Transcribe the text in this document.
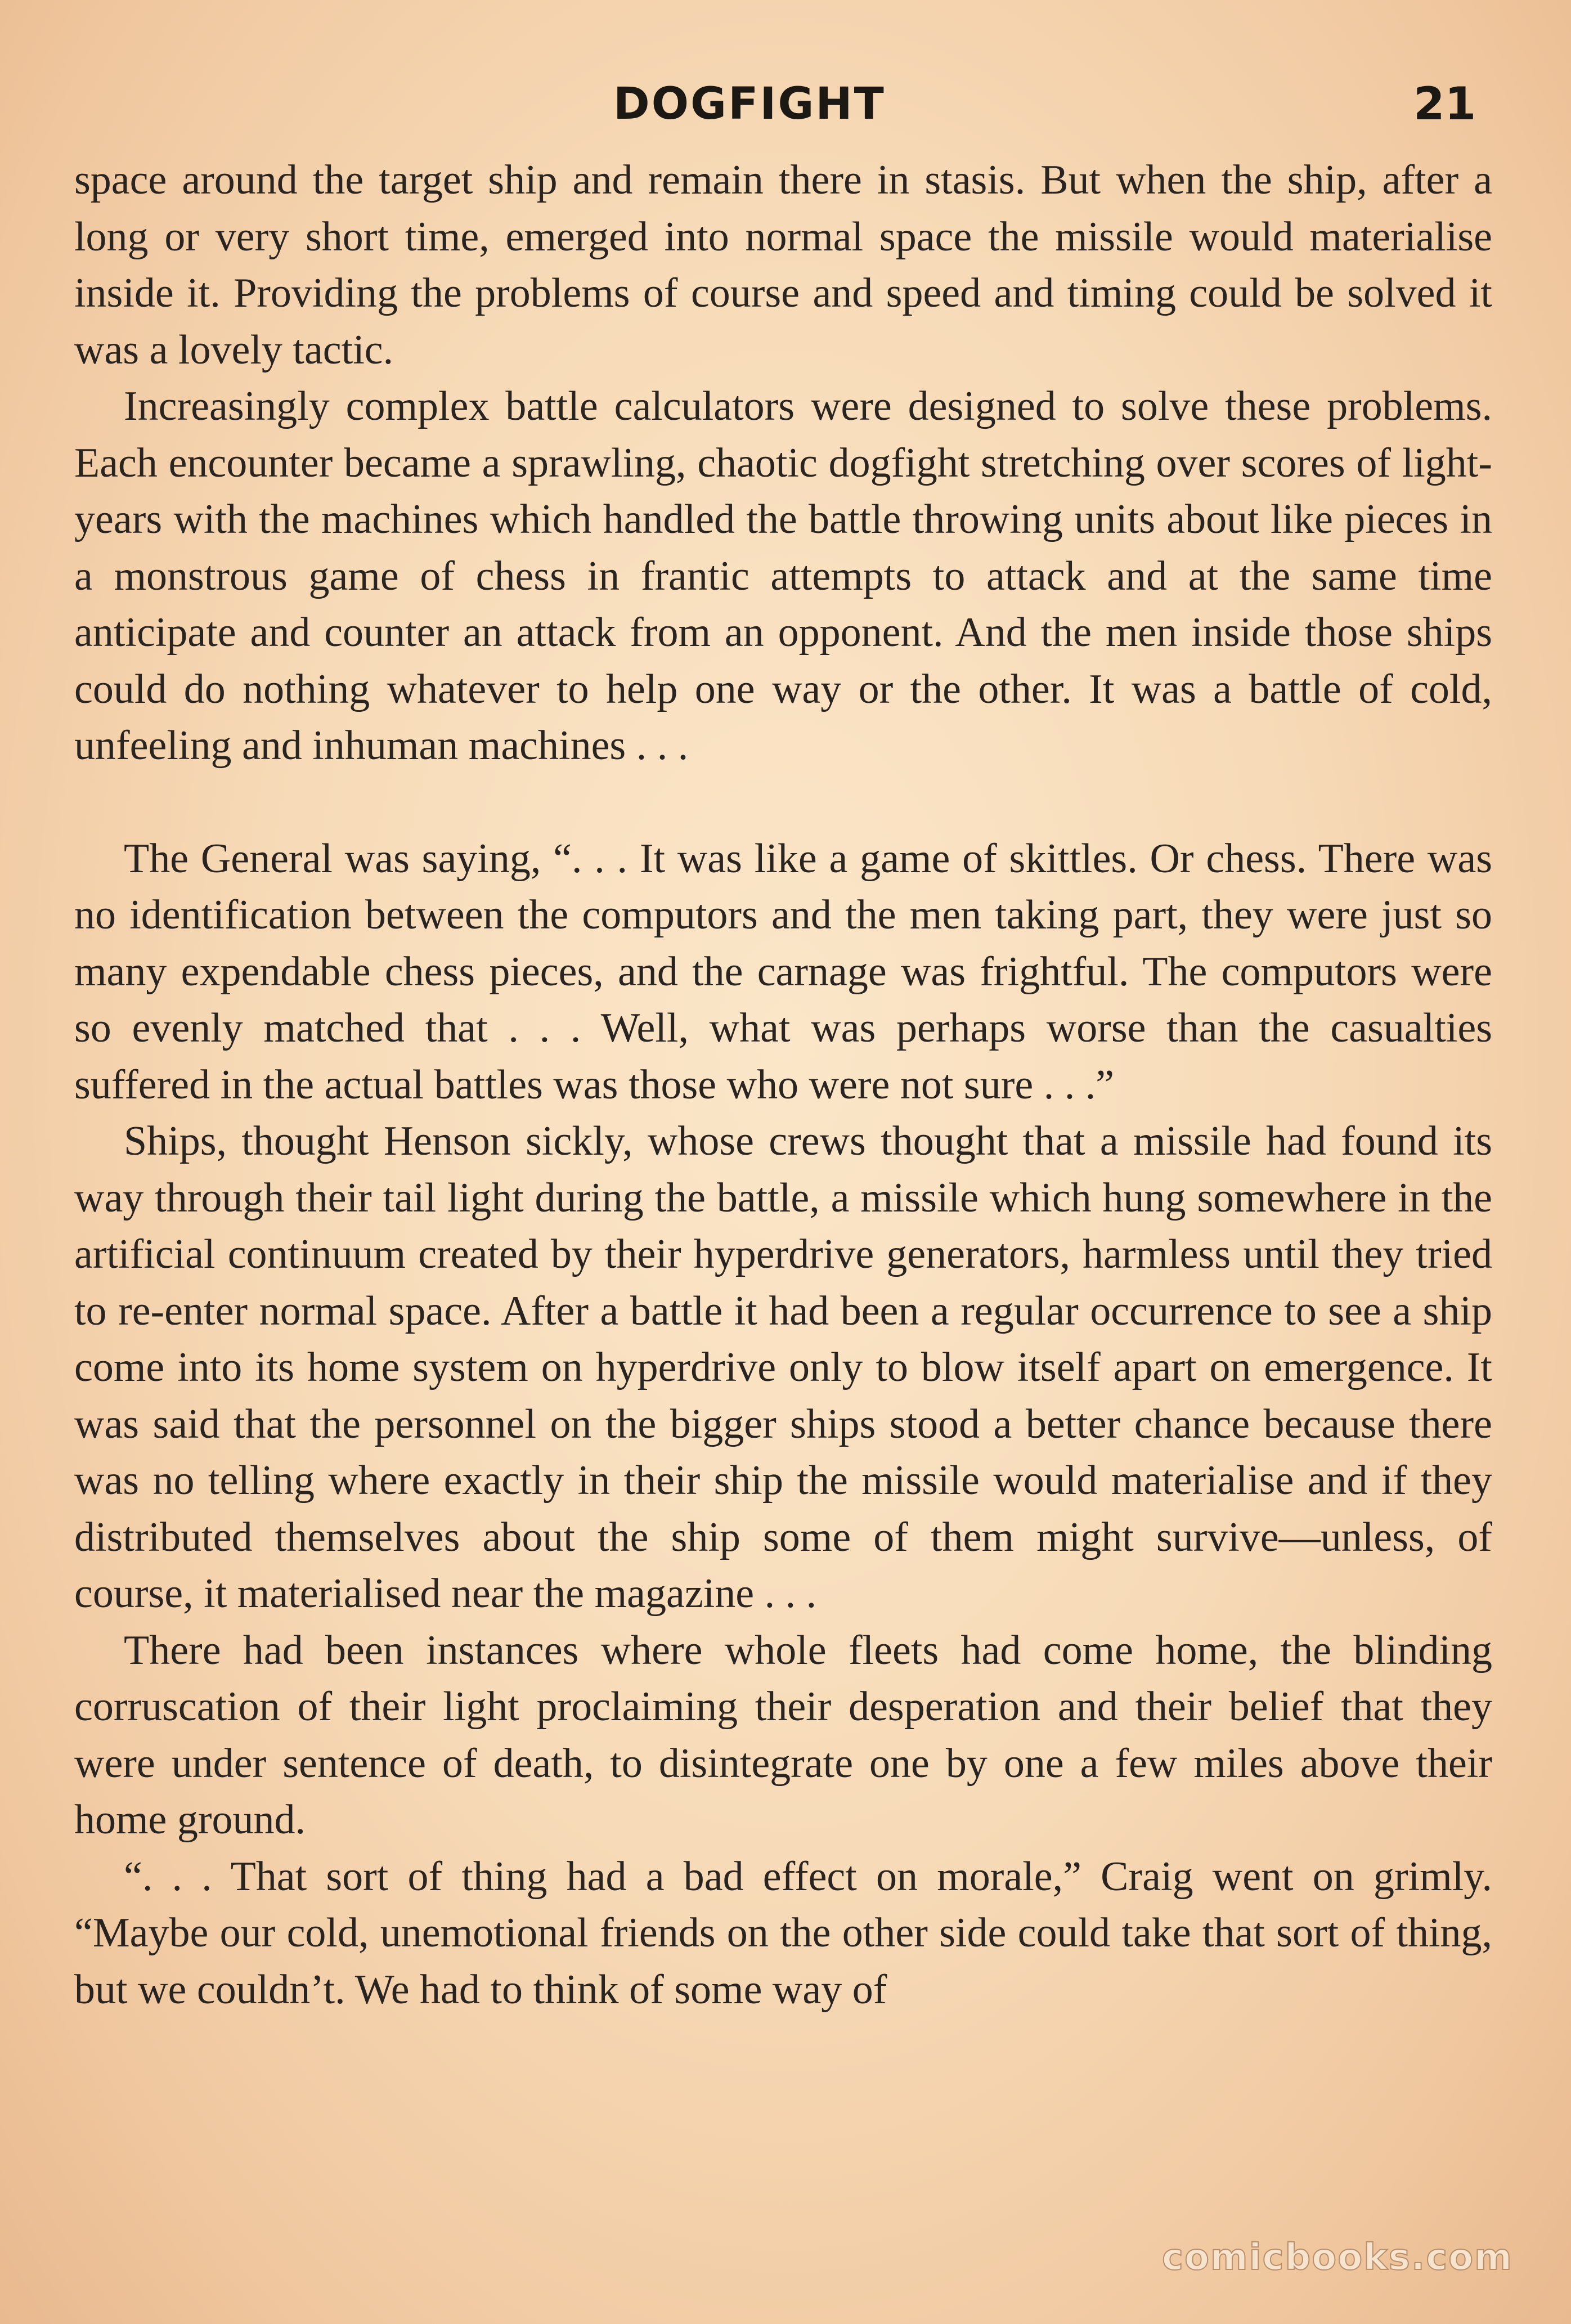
DOGFIGHT	21

space around the target ship and remain there in stasis. But when the ship, after a long or very short time, emerged into normal space the missile would materialise inside it. Providing the problems of course and speed and timing could be solved it was a lovely tactic.

Increasingly complex battle calculators were designed to solve these problems. Each encounter became a sprawling, chaotic dogfight stretching over scores of light-years with the machines which handled the battle throwing units about like pieces in a monstrous game of chess in frantic attempts to attack and at the same time anticipate and counter an attack from an opponent. And the men inside those ships could do nothing whatever to help one way or the other. It was a battle of cold, unfeeling and inhuman machines . . .

The General was saying, “. . . It was like a game of skittles. Or chess. There was no identification between the computors and the men taking part, they were just so many expendable chess pieces, and the carnage was frightful. The computors were so evenly matched that . . . Well, what was perhaps worse than the casualties suffered in the actual battles was those who were not sure . . .”

Ships, thought Henson sickly, whose crews thought that a missile had found its way through their tail light during the battle, a missile which hung somewhere in the artificial continuum created by their hyperdrive generators, harmless until they tried to re-enter normal space. After a battle it had been a regular occurrence to see a ship come into its home system on hyperdrive only to blow itself apart on emergence. It was said that the personnel on the bigger ships stood a better chance because there was no telling where exactly in their ship the missile would materialise and if they distributed themselves about the ship some of them might survive—unless, of course, it materialised near the magazine . . .

There had been instances where whole fleets had come home, the blinding corruscation of their light proclaiming their desperation and their belief that they were under sentence of death, to disintegrate one by one a few miles above their home ground.

“. . . That sort of thing had a bad effect on morale,” Craig went on grimly. “Maybe our cold, unemotional friends on the other side could take that sort of thing, but we couldn’t. We had to think of some way of

comicbooks.com
